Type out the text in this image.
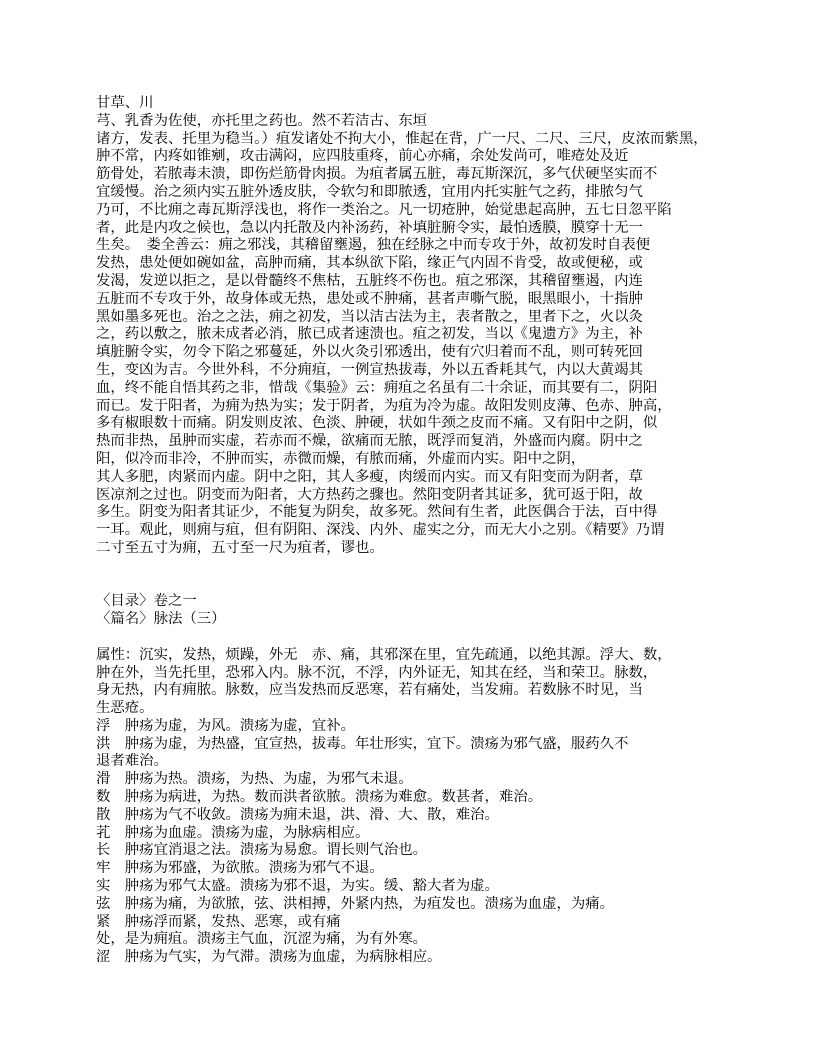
甘草、川
芎、乳香为佐使，亦托里之药也。然不若洁古、东垣
诸方，发表、托里为稳当。）疽发诸处不拘大小，惟起在背，广一尺、二尺、三尺，皮浓而紫黑，
肿不常，内疼如锥剜，攻击满闷，应四肢重疼，前心亦痛，余处发尚可，唯疮处及近
筋骨处，若脓毒未溃，即伤烂筋骨肉损。为疽者属五脏，毒瓦斯深沉，多气伏硬坚实而不
宜缓慢。治之须内实五脏外透皮肤，令软匀和即脓透，宜用内托实脏气之药，排脓匀气
乃可，不比痈之毒瓦斯浮浅也，将作一类治之。凡一切疮肿，始觉患起高肿，五七日忽平陷
者，此是内攻之候也，急以内托散及内补汤药，补填脏腑令实，最怕透膜，膜穿十无一
生矣。　娄全善云：痈之邪浅，其稽留壅遏，独在经脉之中而专攻于外，故初发时自表便
发热，患处便如碗如盆，高肿而痛，其本纵欲下陷，缘正气内固不肯受，故或便秘，或
发渴，发逆以拒之，是以骨髓终不焦枯，五脏终不伤也。疽之邪深，其稽留壅遏，内连
五脏而不专攻于外，故身体或无热，患处或不肿痛，甚者声嘶气脱，眼黑眼小，十指肿
黑如墨多死也。治之之法，痈之初发，当以洁古法为主，表者散之，里者下之，火以灸
之，药以敷之，脓未成者必消，脓已成者速溃也。疽之初发，当以《鬼遗方》为主，补
填脏腑令实，勿令下陷之邪蔓延，外以火灸引邪透出，使有穴归着而不乱，则可转死回
生，变凶为吉。今世外科，不分痈疽，一例宣热拔毒，外以五香耗其气，内以大黄竭其
血，终不能自悟其药之非，惜哉《集验》云：痈疽之名虽有二十余证，而其要有二，阴阳
而已。发于阳者，为痈为热为实；发于阴者，为疽为冷为虚。故阳发则皮薄、色赤、肿高，
多有椒眼数十而痛。阴发则皮浓、色淡、肿硬，状如牛颈之皮而不痛。又有阳中之阴，似
热而非热，虽肿而实虚，若赤而不燥，欲痛而无脓，既浮而复消，外盛而内腐。阴中之
阳，似冷而非冷，不肿而实，赤微而燥，有脓而痛，外虚而内实。阳中之阴，
其人多肥，肉紧而内虚。阴中之阳，其人多瘦，肉缓而内实。而又有阳变而为阴者，草
医凉剂之过也。阴变而为阳者，大方热药之骤也。然阳变阴者其证多，犹可返于阳，故
多生。阴变为阳者其证少，不能复为阴矣，故多死。然间有生者，此医偶合于法，百中得
一耳。观此，则痈与疽，但有阴阳、深浅、内外、虚实之分，而无大小之别。《精要》乃谓
二寸至五寸为痈，五寸至一尺为疽者，谬也。
〈目录〉卷之一
〈篇名〉脉法（三）
属性：沉实，发热，烦躁，外无　赤、痛，其邪深在里，宜先疏通，以绝其源。浮大、数，
肿在外，当先托里，恐邪入内。脉不沉，不浮，内外证无，知其在经，当和荣卫。脉数，
身无热，内有痈脓。脉数，应当发热而反恶寒，若有痛处，当发痈。若数脉不时见，当
生恶疮。
浮　肿疡为虚，为风。溃疡为虚，宜补。
洪　肿疡为虚，为热盛，宜宣热，拔毒。年壮形实，宜下。溃疡为邪气盛，服药久不
退者难治。
滑　肿疡为热。溃疡，为热、为虚，为邪气未退。
数　肿疡为病进，为热。数而洪者欲脓。溃疡为难愈。数甚者，难治。
散　肿疡为气不收敛。溃疡为痈未退，洪、滑、大、散，难治。
芤　肿疡为血虚。溃疡为虚，为脉病相应。
长　肿疡宜消退之法。溃疡为易愈。谓长则气治也。
牢　肿疡为邪盛，为欲脓。溃疡为邪气不退。
实　肿疡为邪气太盛。溃疡为邪不退，为实。缓、豁大者为虚。
弦　肿疡为痛，为欲脓，弦、洪相搏，外紧内热，为疽发也。溃疡为血虚，为痛。
紧　肿疡浮而紧，发热、恶寒，或有痛
处，是为痈疽。溃疡主气血，沉涩为痛，为有外寒。
涩　肿疡为气实，为气滞。溃疡为血虚，为病脉相应。
